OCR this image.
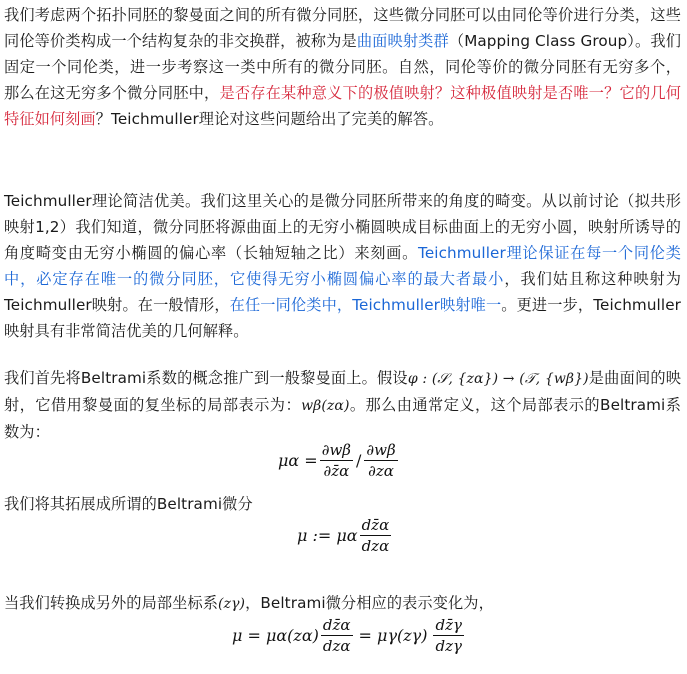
我们考虑两个拓扑同胚的黎曼面之间的所有微分同胚，这些微分同胚可以由同伦等价进行分类，这些同伦等价类构成一个结构复杂的非交换群，被称为是曲面映射类群（Mapping Class Group）。我们固定一个同伦类，进一步考察这一类中所有的微分同胚。自然，同伦等价的微分同胚有无穷多个， 那么在这无穷多个微分同胚中，是否存在某种意义下的极值映射？这种极值映射是否唯一？它的几何特征如何刻画？Teichmuller理论对这些问题给出了完美的解答。

Teichmuller理论简洁优美。我们这里关心的是微分同胚所带来的角度的畸变。从以前讨论（拟共形映射1,2）我们知道，微分同胚将源曲面上的无穷小椭圆映成目标曲面上的无穷小圆，映射所诱导的角度畸变由无穷小椭圆的偏心率（长轴短轴之比）来刻画。Teichmuller理论保证在每一个同伦类中，必定存在唯一的微分同胚，它使得无穷小椭圆偏心率的最大者最小，我们姑且称这种映射为Teichmuller映射。在一般情形，在任一同伦类中，Teichmuller映射唯一。更进一步，Teichmuller映射具有非常简洁优美的几何解释。

我们首先将Beltrami系数的概念推广到一般黎曼面上。假设φ : (𝒮, {zα}) → (𝒯, {wβ})是曲面间的映射，它借用黎曼面的复坐标的局部表示为：wβ(zα)。那么由通常定义，这个局部表示的Beltrami系数为：

$\mu\alpha = \frac{\partial w\beta}{\partial z̄\alpha} / \frac{\partial w\beta}{\partial z\alpha}$

我们将其拓展成所谓的Beltrami微分

μ := μα $\frac{dz̄\alpha}{\text{dzα}}$

当我们转换成另外的局部坐标系(zγ)，Beltrami微分相应的表示变化为，

$\mu = \mu\alpha(z\alpha) \frac{dz̄\alpha}{\text{dzα}} = \mu\gamma(z\gamma) \frac{dz̄\gamma}{\text{dzγ}}$
